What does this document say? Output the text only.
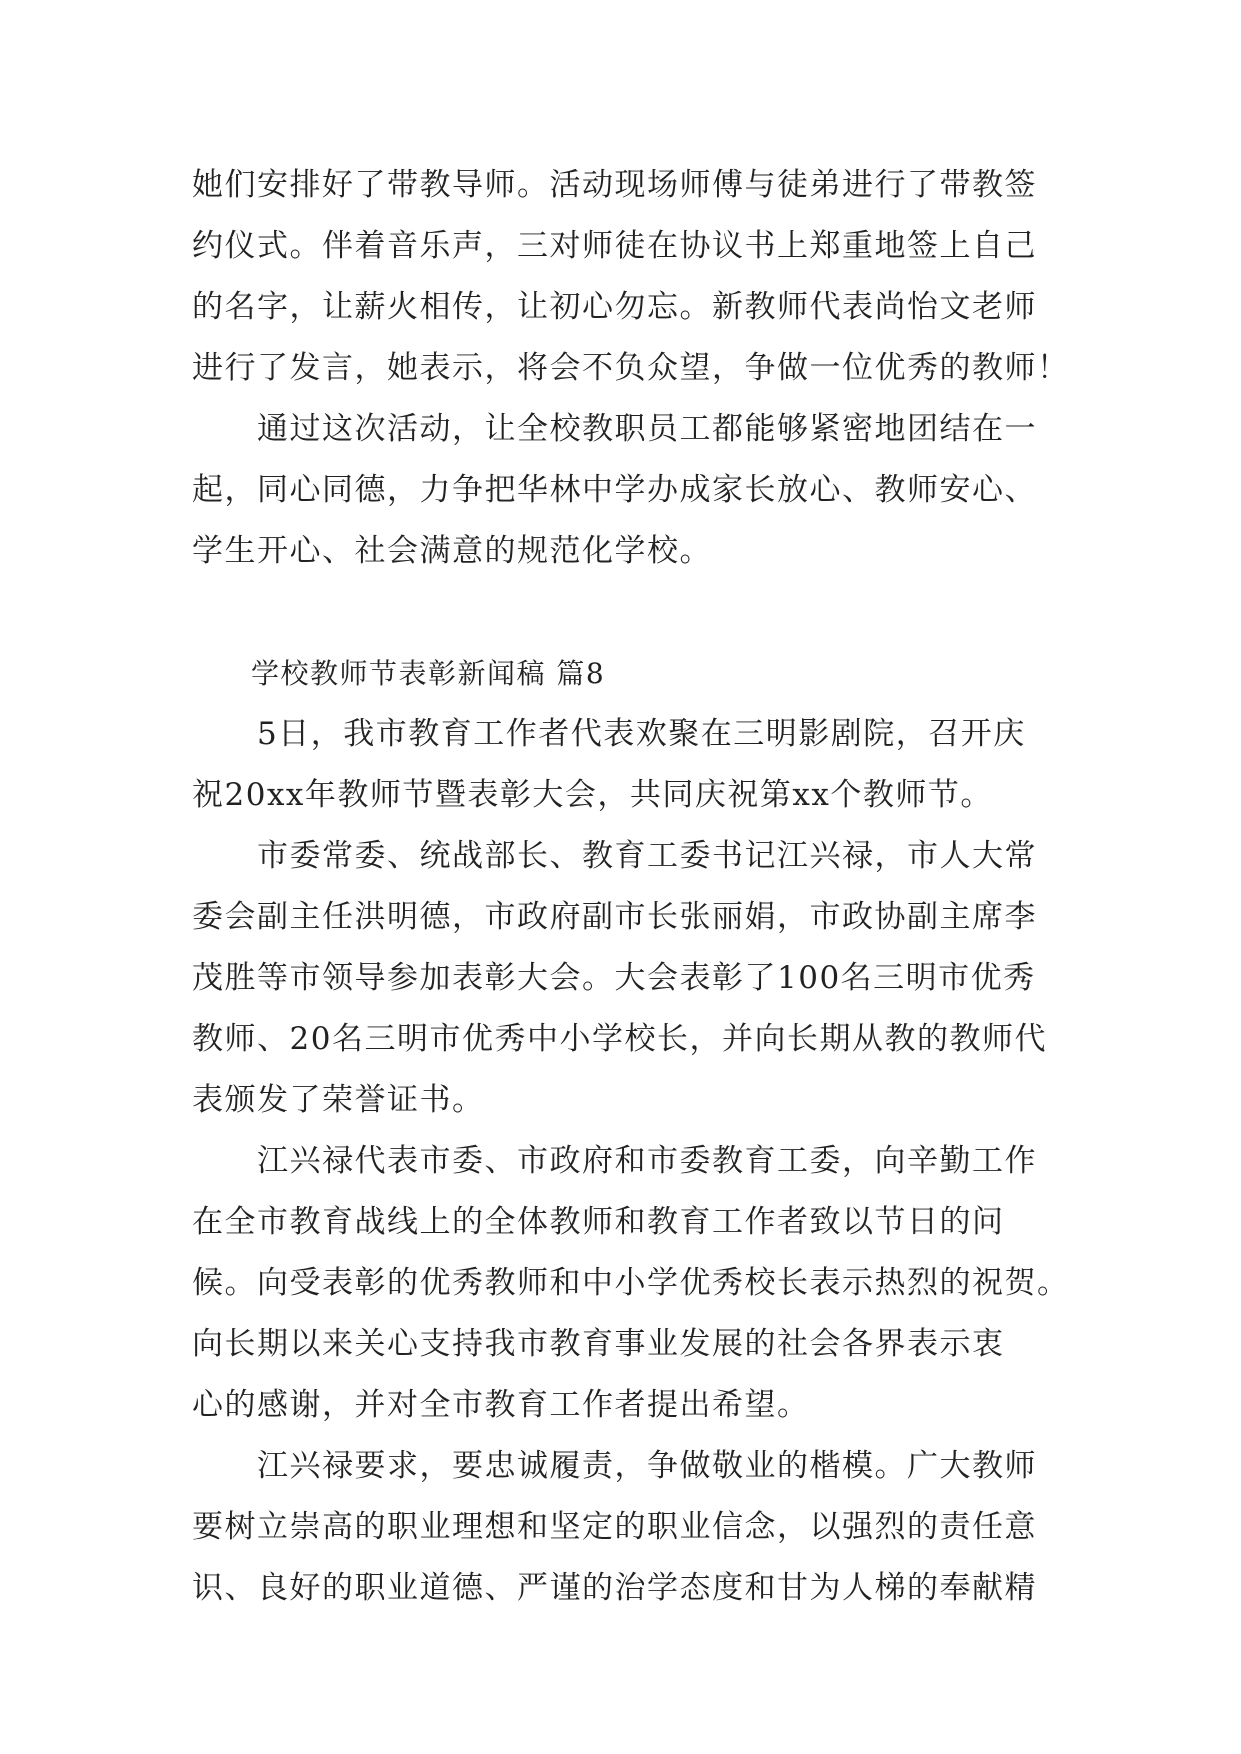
她们安排好了带教导师。活动现场师傅与徒弟进行了带教签
约仪式。伴着音乐声，三对师徒在协议书上郑重地签上自己
的名字，让薪火相传，让初心勿忘。新教师代表尚怡文老师
进行了发言，她表示，将会不负众望，争做一位优秀的教师！
　　通过这次活动，让全校教职员工都能够紧密地团结在一
起，同心同德，力争把华林中学办成家长放心、教师安心、
学生开心、社会满意的规范化学校。
　　学校教师节表彰新闻稿 篇8
　　5日，我市教育工作者代表欢聚在三明影剧院，召开庆
祝20xx年教师节暨表彰大会，共同庆祝第xx个教师节。
　　市委常委、统战部长、教育工委书记江兴禄，市人大常
委会副主任洪明德，市政府副市长张丽娟，市政协副主席李
茂胜等市领导参加表彰大会。大会表彰了100名三明市优秀
教师、20名三明市优秀中小学校长，并向长期从教的教师代
表颁发了荣誉证书。
　　江兴禄代表市委、市政府和市委教育工委，向辛勤工作
在全市教育战线上的全体教师和教育工作者致以节日的问
候。向受表彰的优秀教师和中小学优秀校长表示热烈的祝贺。
向长期以来关心支持我市教育事业发展的社会各界表示衷
心的感谢，并对全市教育工作者提出希望。
　　江兴禄要求，要忠诚履责，争做敬业的楷模。广大教师
要树立崇高的职业理想和坚定的职业信念，以强烈的责任意
识、良好的职业道德、严谨的治学态度和甘为人梯的奉献精
